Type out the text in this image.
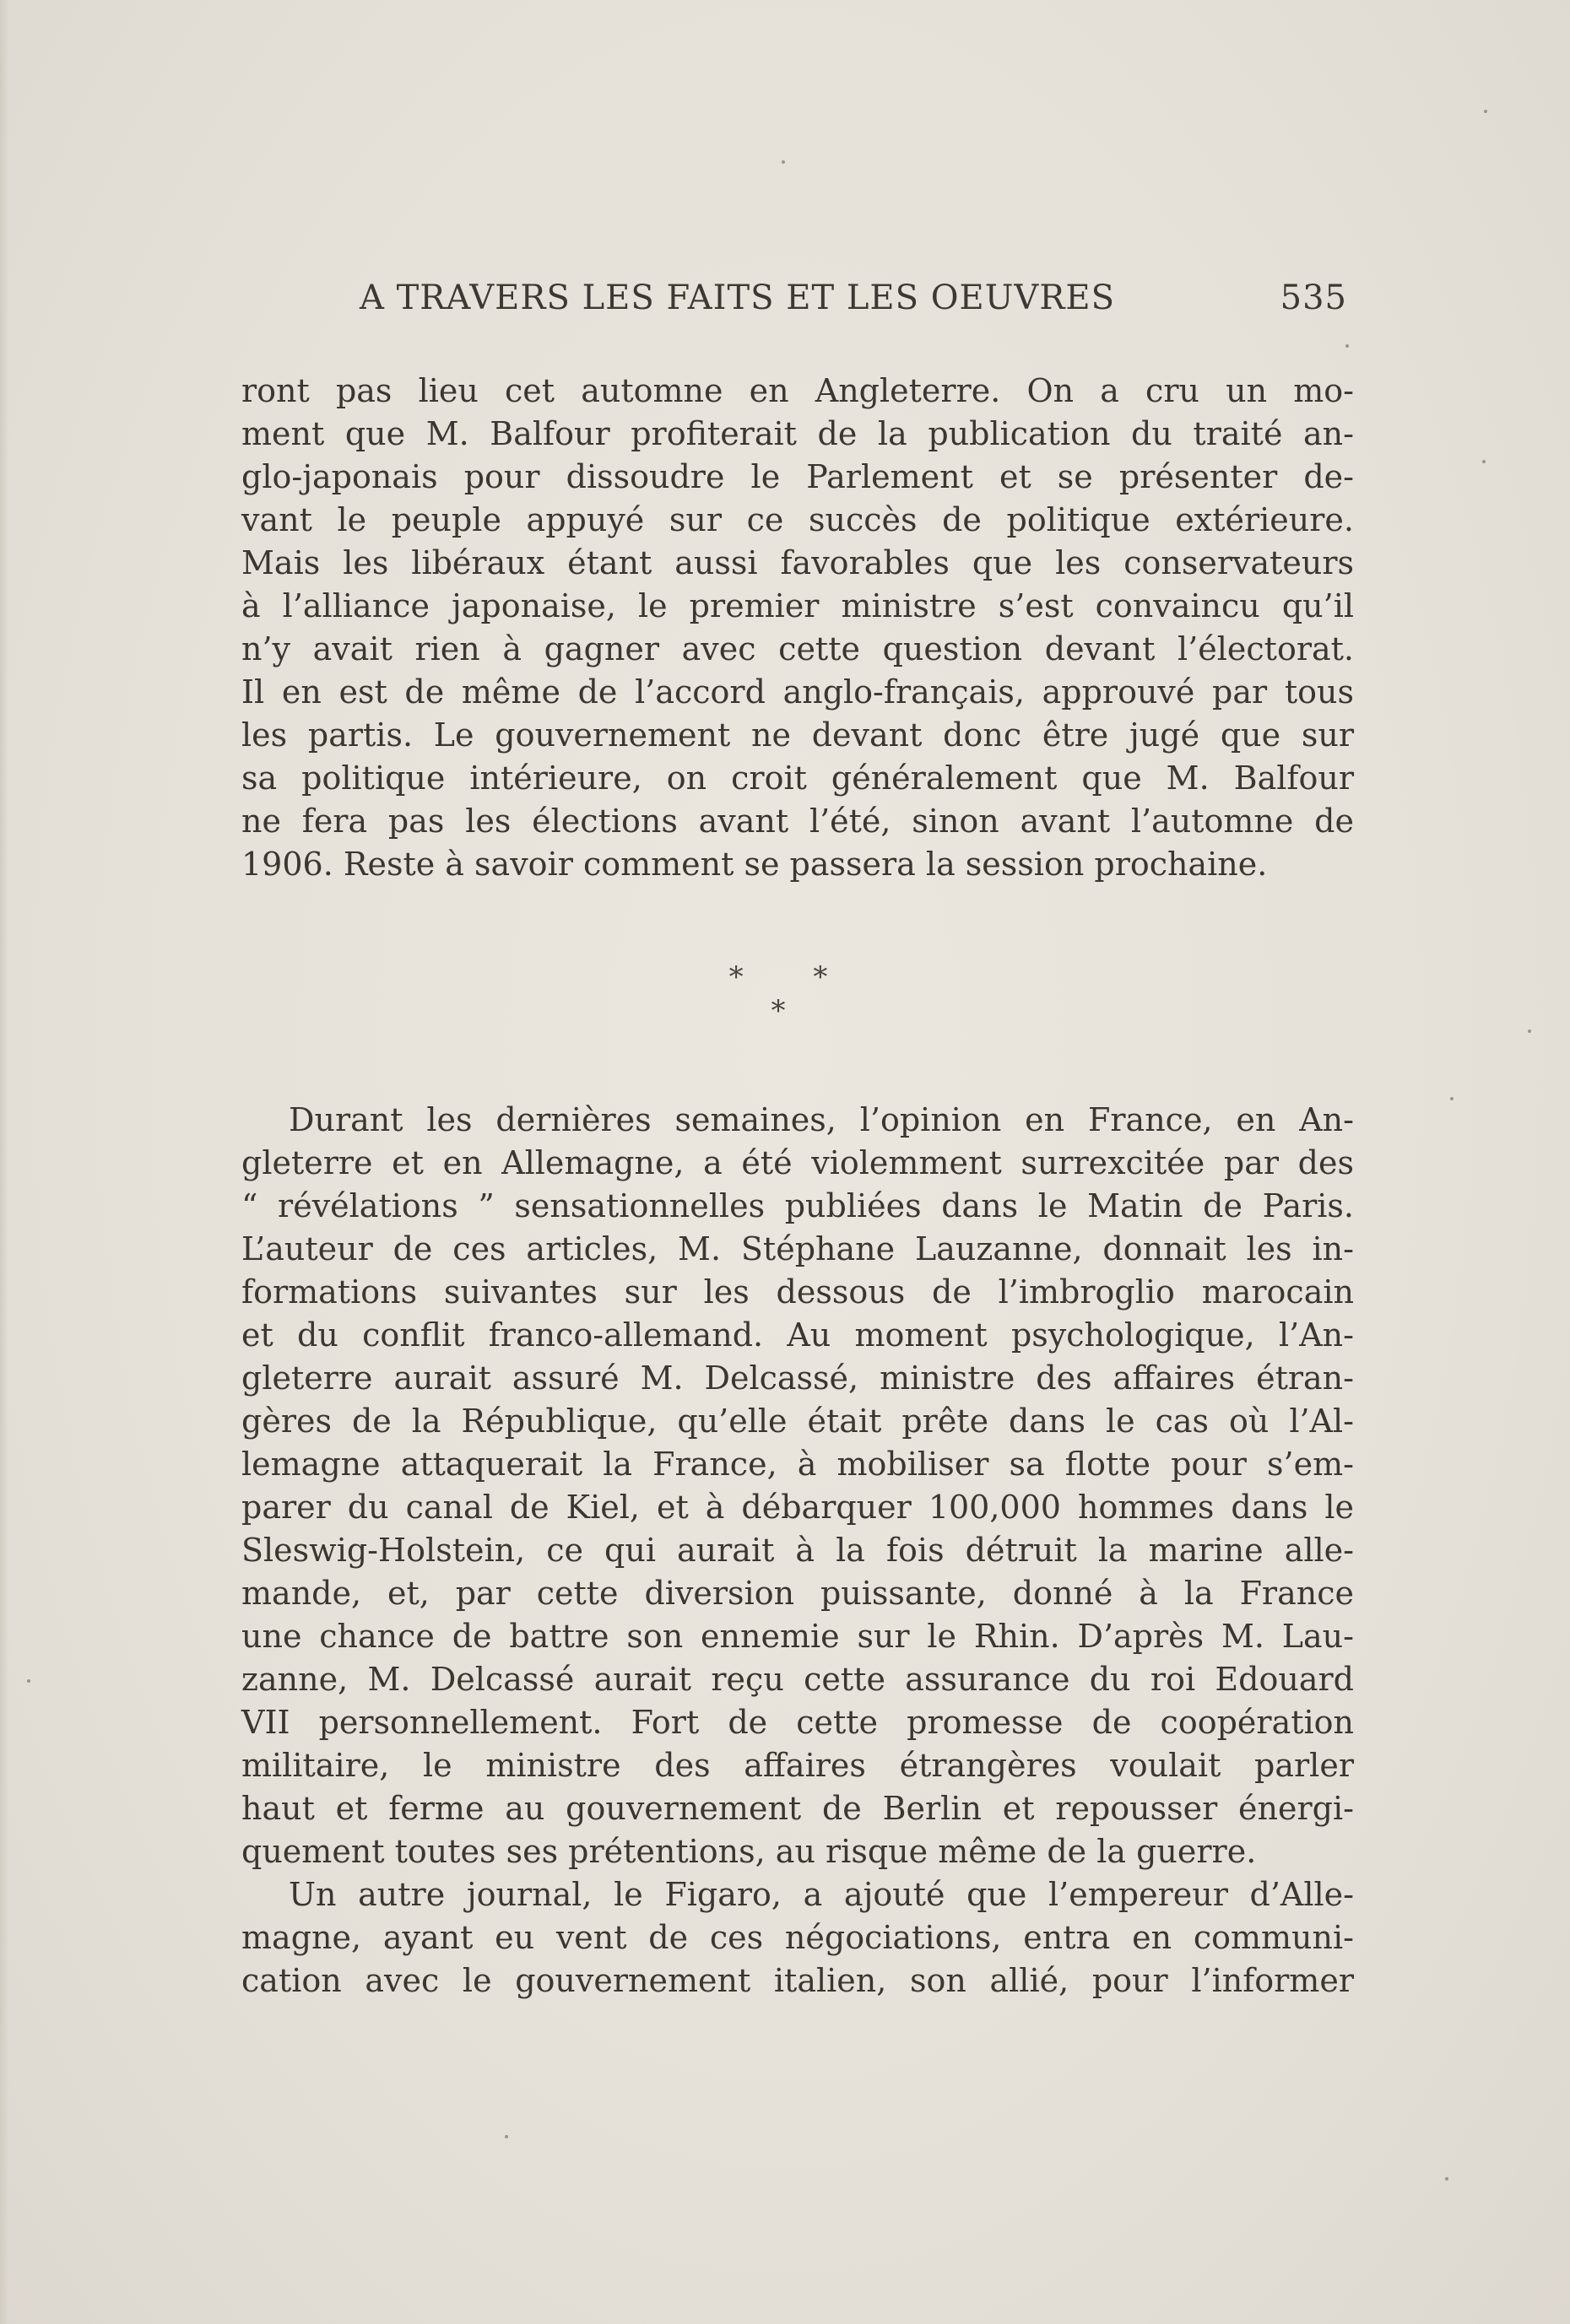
A TRAVERS LES FAITS ET LES OEUVRES	535
ront pas lieu cet automne en Angleterre. On a cru un mo-
ment que M. Balfour profiterait de la publication du traité an-
glo-japonais pour dissoudre le Parlement et se présenter de-
vant le peuple appuyé sur ce succès de politique extérieure.
Mais les libéraux étant aussi favorables que les conservateurs
à l’alliance japonaise, le premier ministre s’est convaincu qu’il
n’y avait rien à gagner avec cette question devant l’électorat.
Il en est de même de l’accord anglo-français, approuvé par tous
les partis. Le gouvernement ne devant donc être jugé que sur
sa politique intérieure, on croit généralement que M. Balfour
ne fera pas les élections avant l’été, sinon avant l’automne de
1906. Reste à savoir comment se passera la session prochaine.
* * *
Durant les dernières semaines, l’opinion en France, en An-
gleterre et en Allemagne, a été violemment surrexcitée par des
“ révélations ” sensationnelles publiées dans le Matin de Paris.
L’auteur de ces articles, M. Stéphane Lauzanne, donnait les in-
formations suivantes sur les dessous de l’imbroglio marocain
et du conflit franco-allemand. Au moment psychologique, l’An-
gleterre aurait assuré M. Delcassé, ministre des affaires étran-
gères de la République, qu’elle était prête dans le cas où l’Al-
lemagne attaquerait la France, à mobiliser sa flotte pour s’em-
parer du canal de Kiel, et à débarquer 100,000 hommes dans le
Sleswig-Holstein, ce qui aurait à la fois détruit la marine alle-
mande, et, par cette diversion puissante, donné à la France
une chance de battre son ennemie sur le Rhin. D’après M. Lau-
zanne, M. Delcassé aurait reçu cette assurance du roi Edouard
VII personnellement. Fort de cette promesse de coopération
militaire, le ministre des affaires étrangères voulait parler
haut et ferme au gouvernement de Berlin et repousser énergi-
quement toutes ses prétentions, au risque même de la guerre.
Un autre journal, le Figaro, a ajouté que l’empereur d’Alle-
magne, ayant eu vent de ces négociations, entra en communi-
cation avec le gouvernement italien, son allié, pour l’informer
